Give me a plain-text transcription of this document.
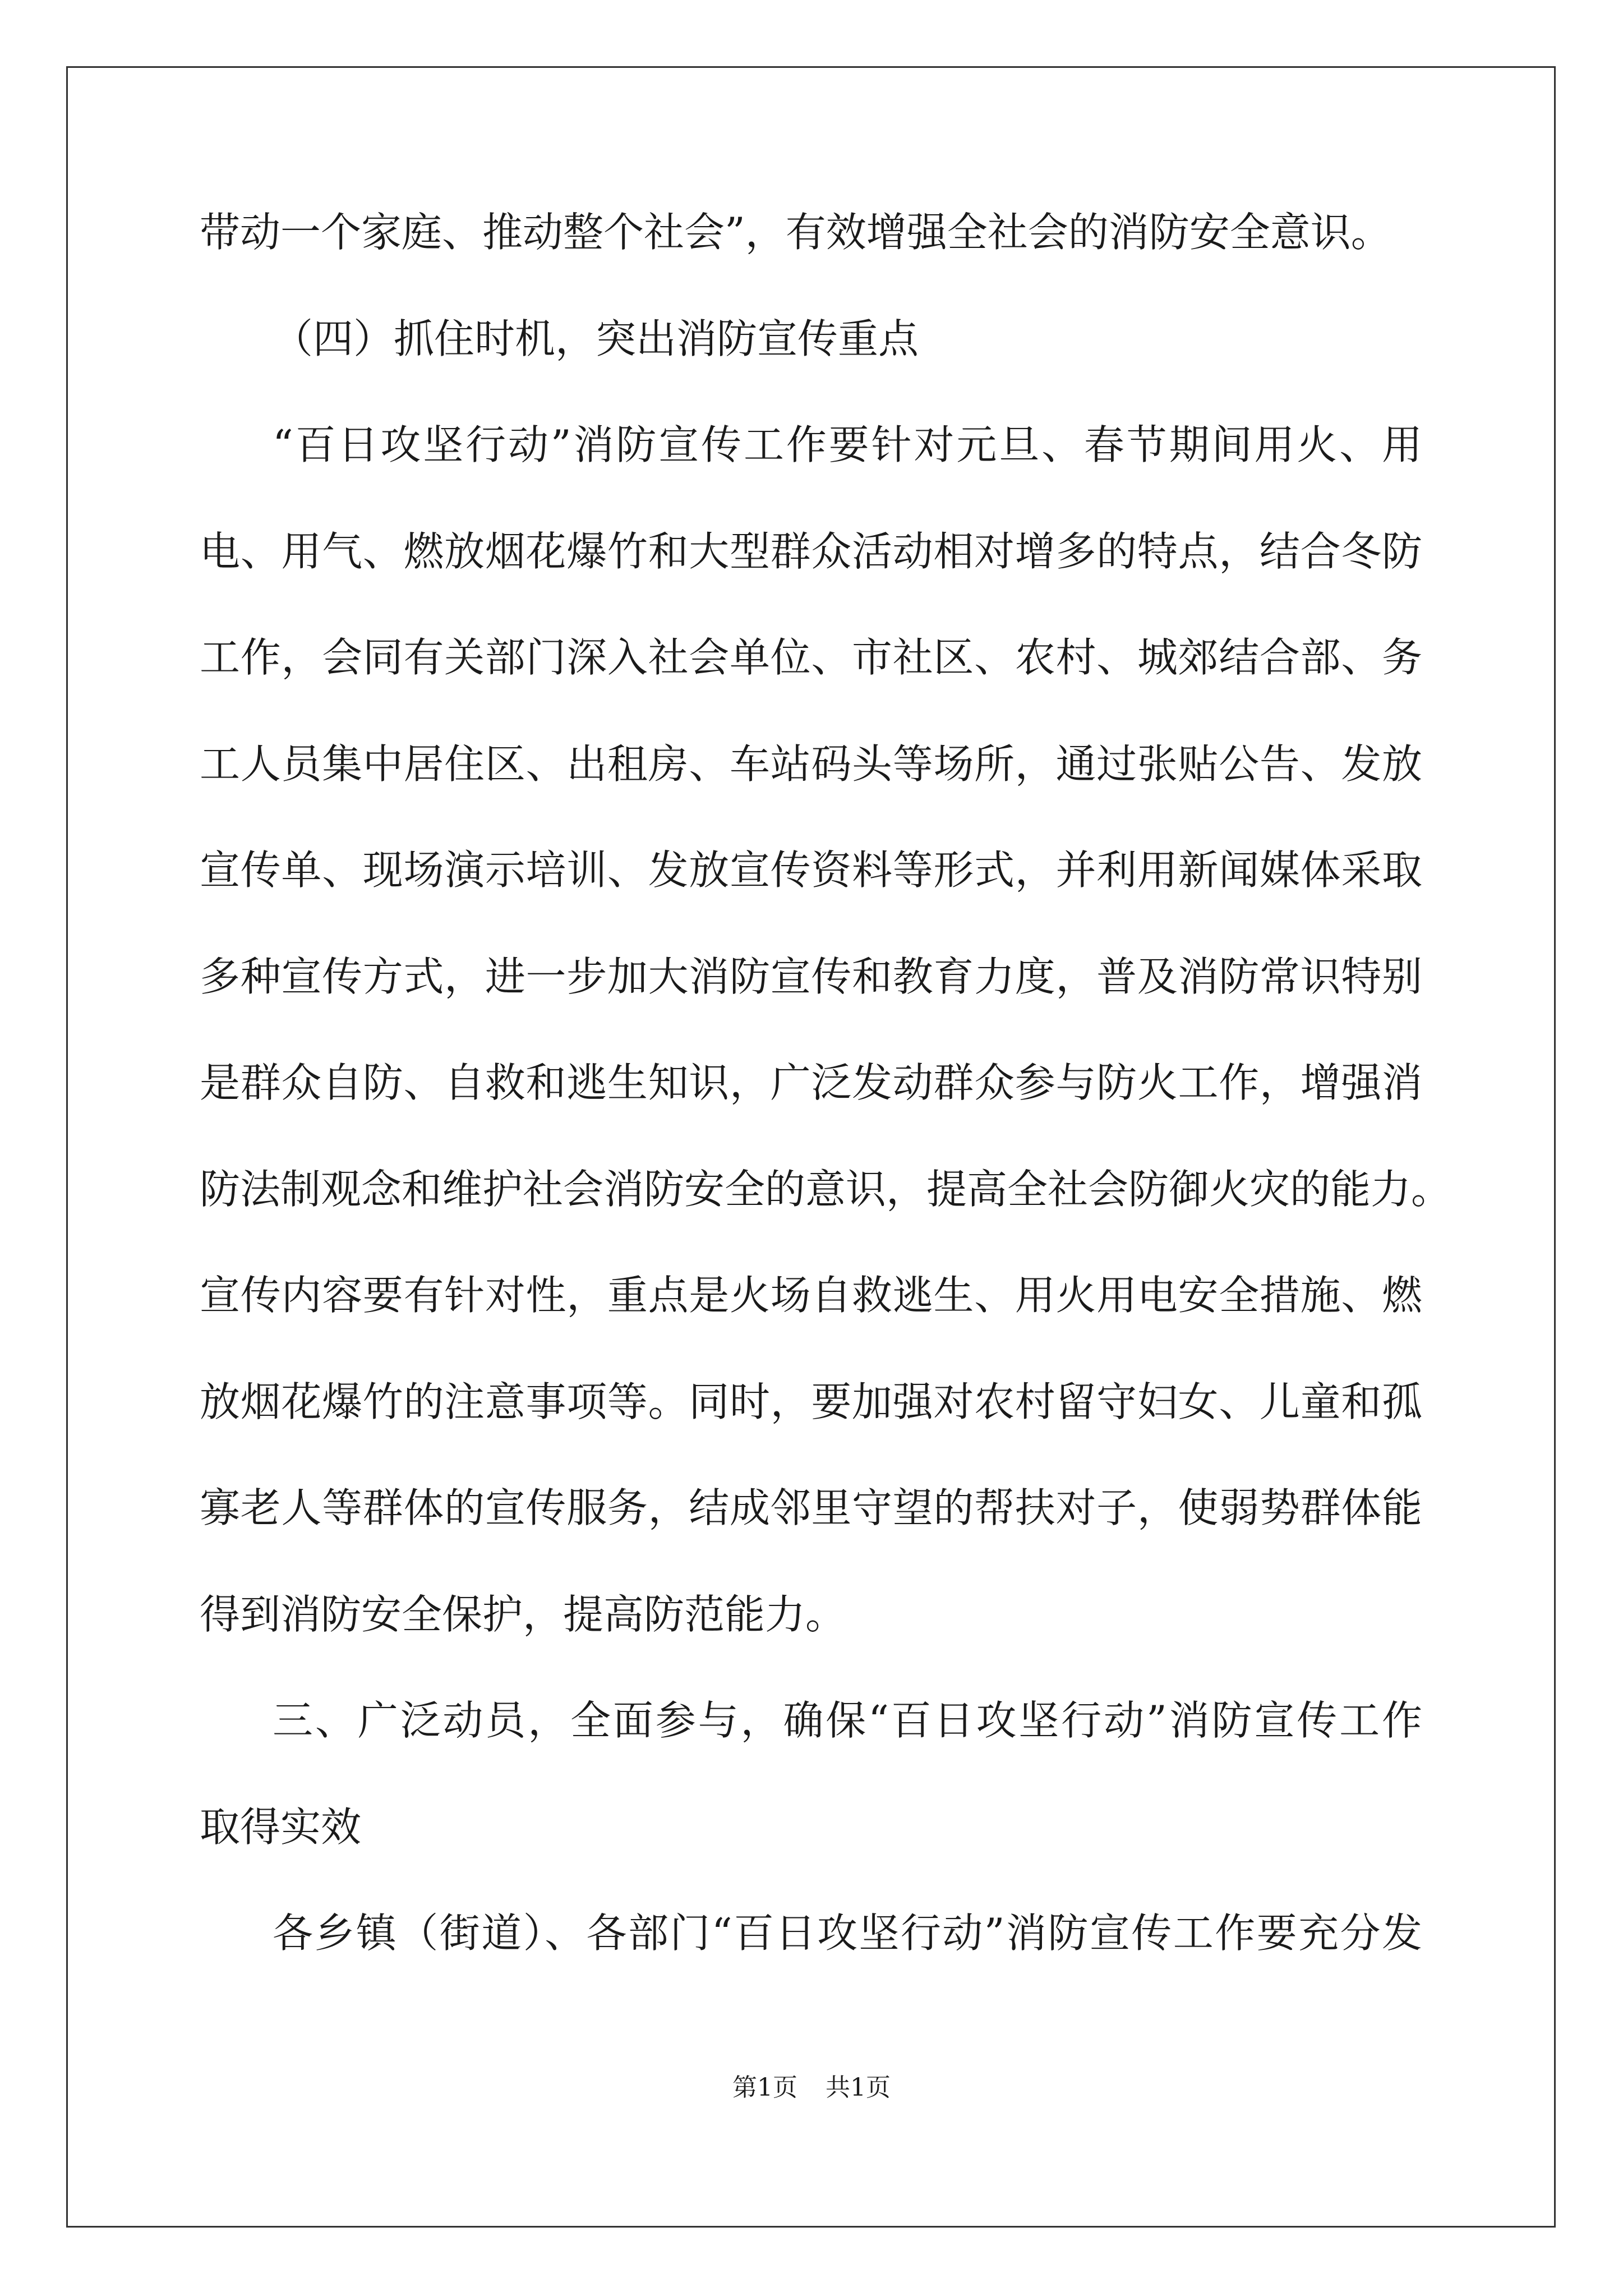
带动一个家庭、推动整个社会”，有效增强全社会的消防安全意识。
（四）抓住时机，突出消防宣传重点
“百日攻坚行动”消防宣传工作要针对元旦、春节期间用火、用
电、用气、燃放烟花爆竹和大型群众活动相对增多的特点，结合冬防
工作，会同有关部门深入社会单位、市社区、农村、城郊结合部、务
工人员集中居住区、出租房、车站码头等场所，通过张贴公告、发放
宣传单、现场演示培训、发放宣传资料等形式，并利用新闻媒体采取
多种宣传方式，进一步加大消防宣传和教育力度，普及消防常识特别
是群众自防、自救和逃生知识，广泛发动群众参与防火工作，增强消
防法制观念和维护社会消防安全的意识，提高全社会防御火灾的能力。
宣传内容要有针对性，重点是火场自救逃生、用火用电安全措施、燃
放烟花爆竹的注意事项等。同时，要加强对农村留守妇女、儿童和孤
寡老人等群体的宣传服务，结成邻里守望的帮扶对子，使弱势群体能
得到消防安全保护，提高防范能力。
三、广泛动员，全面参与，确保“百日攻坚行动”消防宣传工作
取得实效
各乡镇（街道）、各部门“百日攻坚行动”消防宣传工作要充分发
第1页 共1页
